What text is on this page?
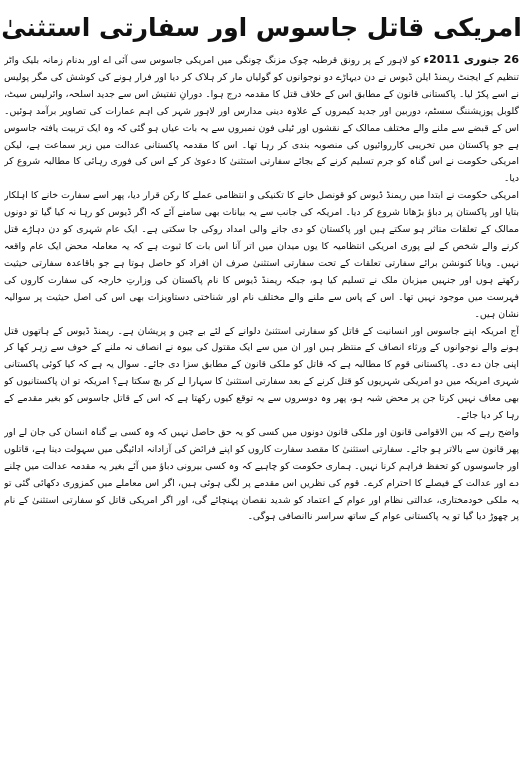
امریکی قاتل جاسوس اور سفارتی استثنیٰ

26 جنوری 2011ء کو لاہور کے پر رونق قرطبہ چوک مزنگ چونگی میں امریکی جاسوس سی آئی اے اور بدنام زمانہ بلیک واٹر تنظیم کے ایجنٹ ریمنڈ ایلن ڈیوس نے دن دیہاڑے دو نوجوانوں کو گولیاں مار کر ہلاک کر دیا اور فرار ہونے کی کوشش کی مگر پولیس نے اسے پکڑ لیا۔ پاکستانی قانون کے مطابق اس کے خلاف قتل کا مقدمہ درج ہوا۔ دورانِ تفتیش اس سے جدید اسلحہ، وائرلیس سیٹ، گلوبل پوزیشننگ سسٹم، دوربین اور جدید کیمروں کے علاوہ دینی مدارس اور لاہور شہر کی اہم عمارات کی تصاویر برآمد ہوئیں۔ اس کے قبضے سے ملنے والے مختلف ممالک کے نقشوں اور ٹیلی فون نمبروں سے یہ بات عیاں ہو گئی کہ وہ ایک تربیت یافتہ جاسوس ہے جو پاکستان میں تخریبی کارروائیوں کی منصوبہ بندی کر رہا تھا۔ اس کا مقدمہ پاکستانی عدالت میں زیر سماعت ہے، لیکن امریکی حکومت نے اس گناہ کو جرم تسلیم کرنے کے بجائے سفارتی استثنیٰ کا دعویٰ کر کے اس کی فوری رہائی کا مطالبہ شروع کر دیا۔

امریکی حکومت نے ابتدا میں ریمنڈ ڈیوس کو قونصل خانے کا تکنیکی و انتظامی عملے کا رکن قرار دیا، پھر اسے سفارت خانے کا اہلکار بتایا اور پاکستان پر دباؤ بڑھانا شروع کر دیا۔ امریکہ کی جانب سے یہ بیانات بھی سامنے آئے کہ اگر ڈیوس کو رہا نہ کیا گیا تو دونوں ممالک کے تعلقات متاثر ہو سکتے ہیں اور پاکستان کو دی جانے والی امداد روکی جا سکتی ہے۔ ایک عام شہری کو دن دہاڑے قتل کرنے والے شخص کے لیے پوری امریکی انتظامیہ کا یوں میدان میں اتر آنا اس بات کا ثبوت ہے کہ یہ معاملہ محض ایک عام واقعہ نہیں۔ ویانا کنونشن برائے سفارتی تعلقات کے تحت سفارتی استثنیٰ صرف ان افراد کو حاصل ہوتا ہے جو باقاعدہ سفارتی حیثیت رکھتے ہوں اور جنہیں میزبان ملک نے تسلیم کیا ہو، جبکہ ریمنڈ ڈیوس کا نام پاکستان کی وزارتِ خارجہ کی سفارت کاروں کی فہرست میں موجود نہیں تھا۔ اس کے پاس سے ملنے والے مختلف نام اور شناختی دستاویزات بھی اس کی اصل حیثیت پر سوالیہ نشان ہیں۔

آج امریکہ اپنے جاسوس اور انسانیت کے قاتل کو سفارتی استثنیٰ دلوانے کے لئے بے چین و پریشان ہے۔ ریمنڈ ڈیوس کے ہاتھوں قتل ہونے والے نوجوانوں کے ورثاء انصاف کے منتظر ہیں اور ان میں سے ایک مقتول کی بیوہ نے انصاف نہ ملنے کے خوف سے زہر کھا کر اپنی جان دے دی۔ پاکستانی قوم کا مطالبہ ہے کہ قاتل کو ملکی قانون کے مطابق سزا دی جائے۔ سوال یہ ہے کہ کیا کوئی پاکستانی شہری امریکہ میں دو امریکی شہریوں کو قتل کرنے کے بعد سفارتی استثنیٰ کا سہارا لے کر بچ سکتا ہے؟ امریکہ تو ان پاکستانیوں کو بھی معاف نہیں کرتا جن پر محض شبہ ہو، پھر وہ دوسروں سے یہ توقع کیوں رکھتا ہے کہ اس کے قاتل جاسوس کو بغیر مقدمے کے رہا کر دیا جائے۔

واضح رہے کہ بین الاقوامی قانون اور ملکی قانون دونوں میں کسی کو یہ حق حاصل نہیں کہ وہ کسی بے گناہ انسان کی جان لے اور پھر قانون سے بالاتر ہو جائے۔ سفارتی استثنیٰ کا مقصد سفارت کاروں کو اپنے فرائض کی آزادانہ ادائیگی میں سہولت دینا ہے، قاتلوں اور جاسوسوں کو تحفظ فراہم کرنا نہیں۔ ہماری حکومت کو چاہیے کہ وہ کسی بیرونی دباؤ میں آئے بغیر یہ مقدمہ عدالت میں چلنے دے اور عدالت کے فیصلے کا احترام کرے۔ قوم کی نظریں اس مقدمے پر لگی ہوئی ہیں، اگر اس معاملے میں کمزوری دکھائی گئی تو یہ ملکی خودمختاری، عدالتی نظام اور عوام کے اعتماد کو شدید نقصان پہنچائے گی، اور اگر امریکی قاتل کو سفارتی استثنیٰ کے نام پر چھوڑ دیا گیا تو یہ پاکستانی عوام کے ساتھ سراسر ناانصافی ہوگی۔
